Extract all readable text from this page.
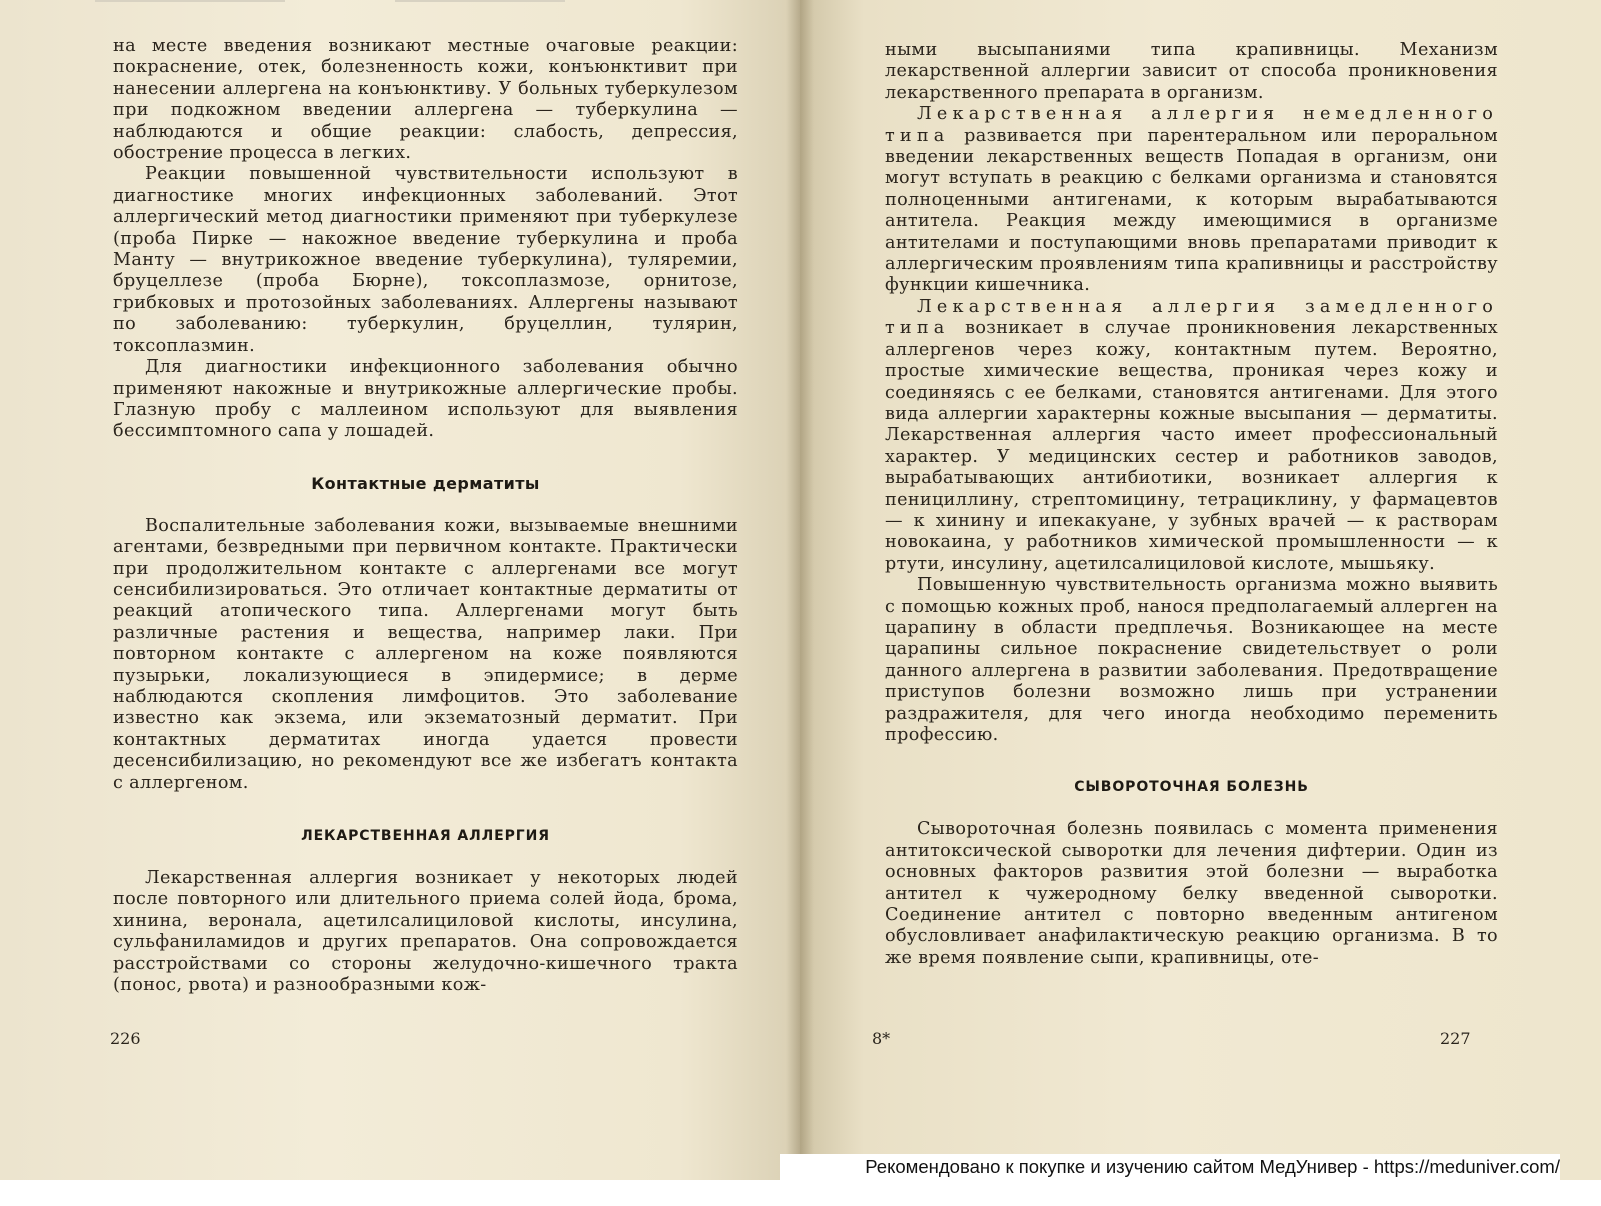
на месте введения возникают местные очаговые реакции: покраснение, отек, болезненность кожи, конъюнктивит при нанесении аллергена на конъюнктиву. У больных туберкулезом при подкожном введении аллергена — туберкулина — наблюдаются и общие реакции: слабость, депрессия, обострение процесса в легких.

Реакции повышенной чувствительности используют в диагностике многих инфекционных заболеваний. Этот аллергический метод диагностики применяют при туберкулезе (проба Пирке — накожное введение туберкулина и проба Манту — внутрикожное введение туберкулина), туляремии, бруцеллезе (проба Бюрне), токсоплазмозе, орнитозе, грибковых и протозойных заболеваниях. Аллергены называют по заболеванию: туберкулин, бруцеллин, тулярин, токсоплазмин.

Для диагностики инфекционного заболевания обычно применяют накожные и внутрикожные аллергические пробы. Глазную пробу с маллеином используют для выявления бессимптомного сапа у лошадей.

Контактные дерматиты

Воспалительные заболевания кожи, вызываемые внешними агентами, безвредными при первичном контакте. Практически при продолжительном контакте с аллергенами все могут сенсибилизироваться. Это отличает контактные дерматиты от реакций атопического типа. Аллергенами могут быть различные растения и вещества, например лаки. При повторном контакте с аллергеном на коже появляются пузырьки, локализующиеся в эпидермисе; в дерме наблюдаются скопления лимфоцитов. Это заболевание известно как экзема, или экзематозный дерматит. При контактных дерматитах иногда удается провести десенсибилизацию, но рекомендуют все же избегатъ контакта с аллергеном.

ЛЕКАРСТВЕННАЯ АЛЛЕРГИЯ

Лекарственная аллергия возникает у некоторых людей после повторного или длительного приема солей йода, брома, хинина, веронала, ацетилсалициловой кислоты, инсулина, сульфаниламидов и других препаратов. Она сопровождается расстройствами со стороны желудочно-кишечного тракта (понос, рвота) и разнообразными кож-

ными высыпаниями типа крапивницы. Механизм лекарственной аллергии зависит от способа проникновения лекарственного препарата в организм.

Лекарственная аллергия немедленного типа развивается при парентеральном или пероральном введении лекарственных веществ Попадая в организм, они могут вступать в реакцию с белками организма и становятся полноценными антигенами, к которым вырабатываются антитела. Реакция между имеющимися в организме антителами и поступающими вновь препаратами приводит к аллергическим проявлениям типа крапивницы и расстройству функции кишечника.

Лекарственная аллергия замедленного типа возникает в случае проникновения лекарственных аллергенов через кожу, контактным путем. Вероятно, простые химические вещества, проникая через кожу и соединяясь с ее белками, становятся антигенами. Для этого вида аллергии характерны кожные высыпания — дерматиты. Лекарственная аллергия часто имеет профессиональный характер. У медицинских сестер и работников заводов, вырабатывающих антибиотики, возникает аллергия к пенициллину, стрептомицину, тетрациклину, у фармацевтов — к хинину и ипекакуане, у зубных врачей — к растворам новокаина, у работников химической промышленности — к ртути, инсулину, ацетилсалициловой кислоте, мышьяку.

Повышенную чувствительность организма можно выявить с помощью кожных проб, нанося предполагаемый аллерген на царапину в области предплечья. Возникающее на месте царапины сильное покраснение свидетельствует о роли данного аллергена в развитии заболевания. Предотвращение приступов болезни возможно лишь при устранении раздражителя, для чего иногда необходимо переменить профессию.

СЫВОРОТОЧНАЯ БОЛЕЗНЬ

Сывороточная болезнь появилась с момента применения антитоксической сыворотки для лечения дифтерии. Один из основных факторов развития этой болезни — выработка антител к чужеродному белку введенной сыворотки. Соединение антител с повторно введенным антигеном обусловливает анафилактическую реакцию организма. В то же время появление сыпи, крапивницы, оте-

226	8*	227
Рекомендовано к покупке и изучению сайтом МедУнивер - https://meduniver.com/
